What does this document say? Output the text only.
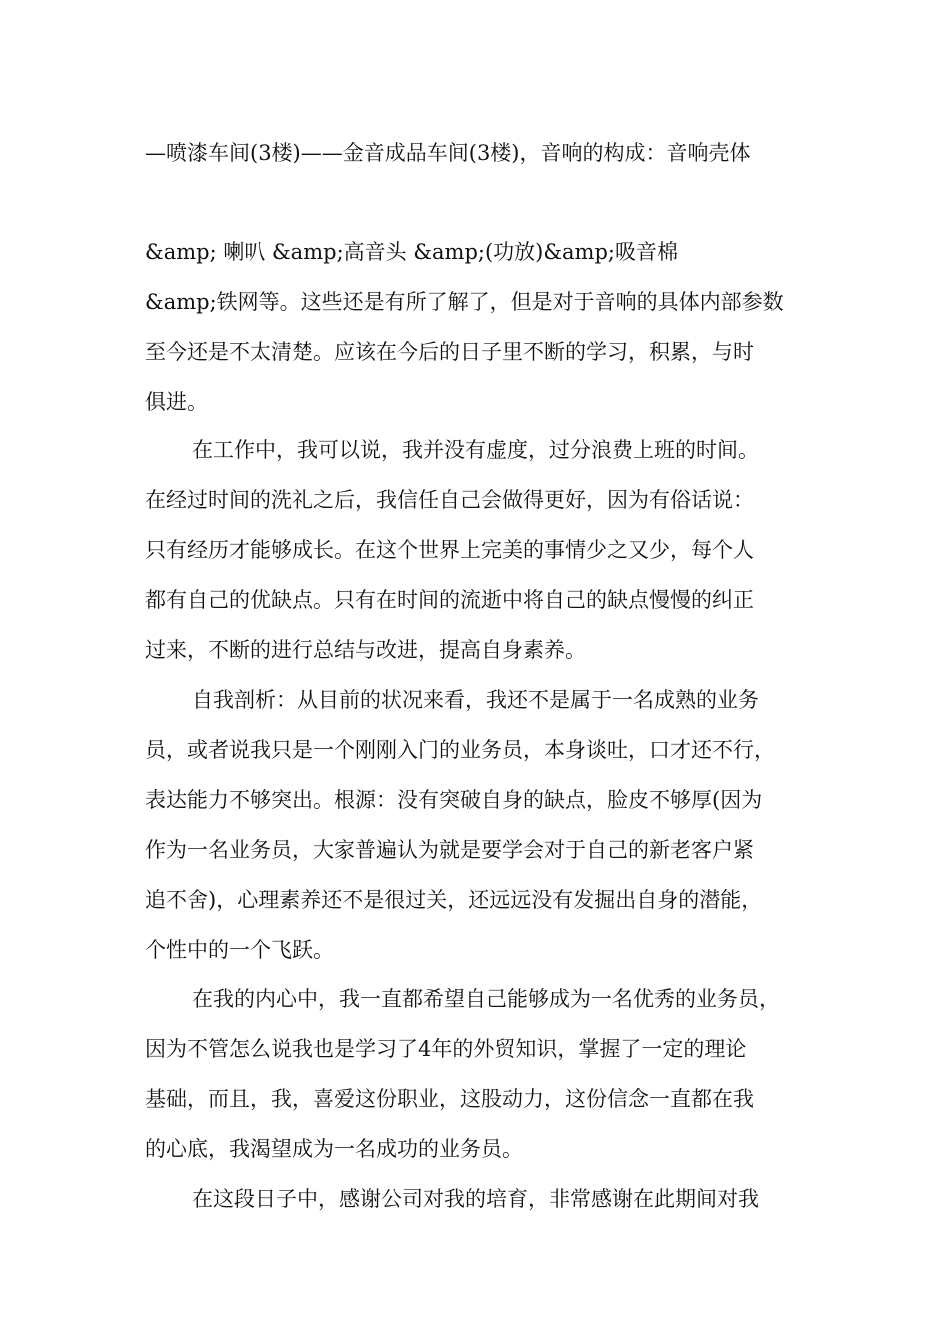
—喷漆车间(3楼)——金音成品车间(3楼)，音响的构成：音响壳体
&amp; 喇叭 &amp;高音头 &amp;(功放)&amp;吸音棉
&amp;铁网等。这些还是有所了解了，但是对于音响的具体内部参数
至今还是不太清楚。应该在今后的日子里不断的学习，积累，与时
俱进。
在工作中，我可以说，我并没有虚度，过分浪费上班的时间。
在经过时间的洗礼之后，我信任自己会做得更好，因为有俗话说：
只有经历才能够成长。在这个世界上完美的事情少之又少，每个人
都有自己的优缺点。只有在时间的流逝中将自己的缺点慢慢的纠正
过来，不断的进行总结与改进，提高自身素养。
自我剖析：从目前的状况来看，我还不是属于一名成熟的业务
员，或者说我只是一个刚刚入门的业务员，本身谈吐，口才还不行，
表达能力不够突出。根源：没有突破自身的缺点，脸皮不够厚(因为
作为一名业务员，大家普遍认为就是要学会对于自己的新老客户紧
追不舍)，心理素养还不是很过关，还远远没有发掘出自身的潜能，
个性中的一个飞跃。
在我的内心中，我一直都希望自己能够成为一名优秀的业务员，
因为不管怎么说我也是学习了4年的外贸知识，掌握了一定的理论
基础，而且，我，喜爱这份职业，这股动力，这份信念一直都在我
的心底，我渴望成为一名成功的业务员。
在这段日子中，感谢公司对我的培育，非常感谢在此期间对我
